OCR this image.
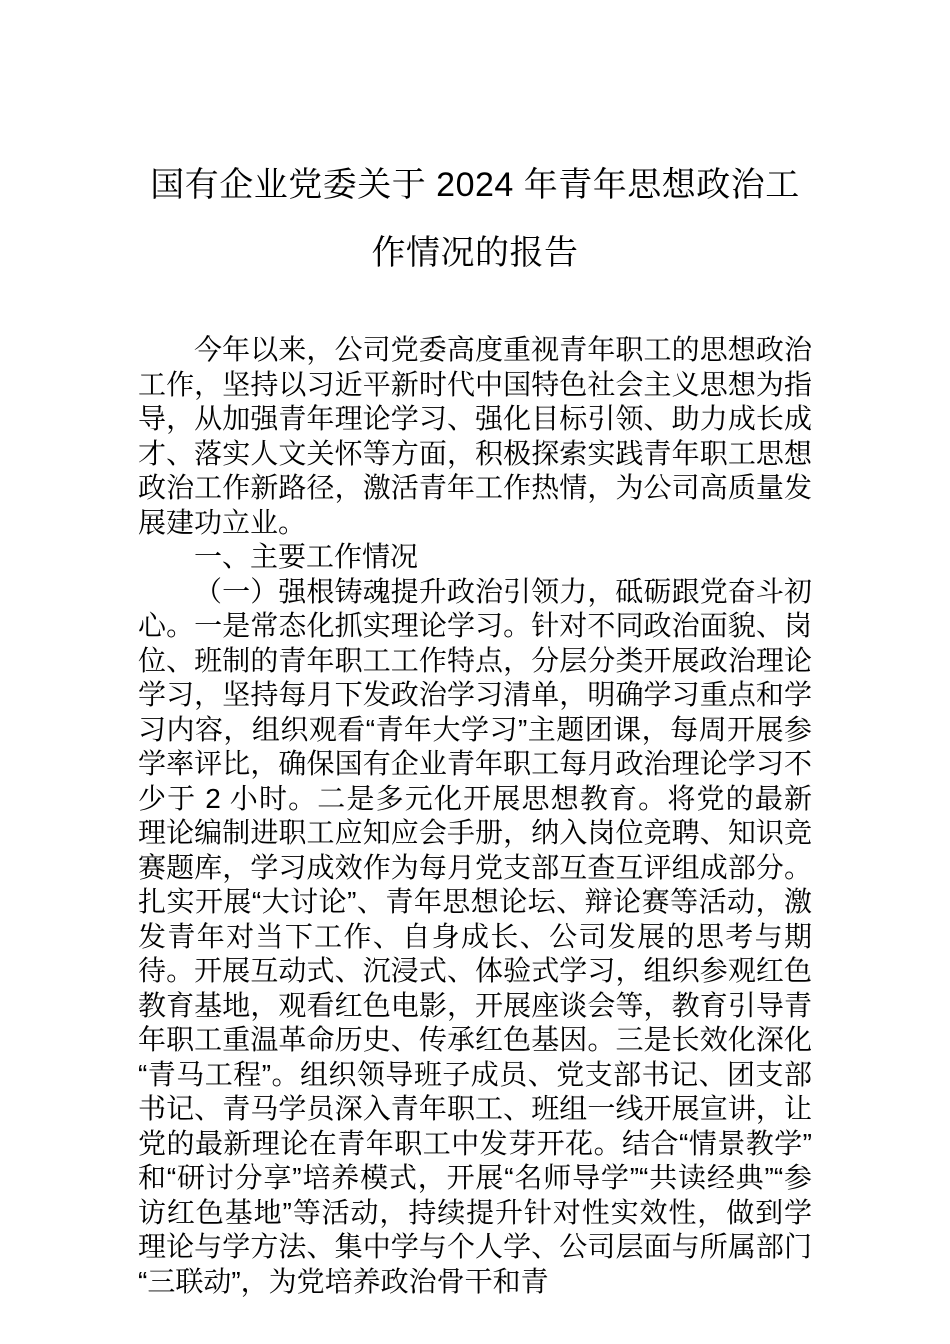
国有企业党委关于 2024 年青年思想政治工作情况的报告

今年以来，公司党委高度重视青年职工的思想政治工作，坚持以习近平新时代中国特色社会主义思想为指导，从加强青年理论学习、强化目标引领、助力成长成才、落实人文关怀等方面，积极探索实践青年职工思想政治工作新路径，激活青年工作热情，为公司高质量发展建功立业。

一、主要工作情况

（一）强根铸魂提升政治引领力，砥砺跟党奋斗初心。一是常态化抓实理论学习。针对不同政治面貌、岗位、班制的青年职工工作特点，分层分类开展政治理论学习，坚持每月下发政治学习清单，明确学习重点和学习内容，组织观看“青年大学习”主题团课，每周开展参学率评比，确保国有企业青年职工每月政治理论学习不少于 2 小时。二是多元化开展思想教育。将党的最新理论编制进职工应知应会手册，纳入岗位竞聘、知识竞赛题库，学习成效作为每月党支部互查互评组成部分。扎实开展“大讨论”、青年思想论坛、辩论赛等活动，激发青年对当下工作、自身成长、公司发展的思考与期待。开展互动式、沉浸式、体验式学习，组织参观红色教育基地，观看红色电影，开展座谈会等，教育引导青年职工重温革命历史、传承红色基因。三是长效化深化“青马工程”。组织领导班子成员、党支部书记、团支部书记、青马学员深入青年职工、班组一线开展宣讲，让党的最新理论在青年职工中发芽开花。结合“情景教学”和“研讨分享”培养模式，开展“名师导学”“共读经典”“参访红色基地”等活动，持续提升针对性实效性，做到学理论与学方法、集中学与个人学、公司层面与所属部门“三联动”，为党培养政治骨干和青
